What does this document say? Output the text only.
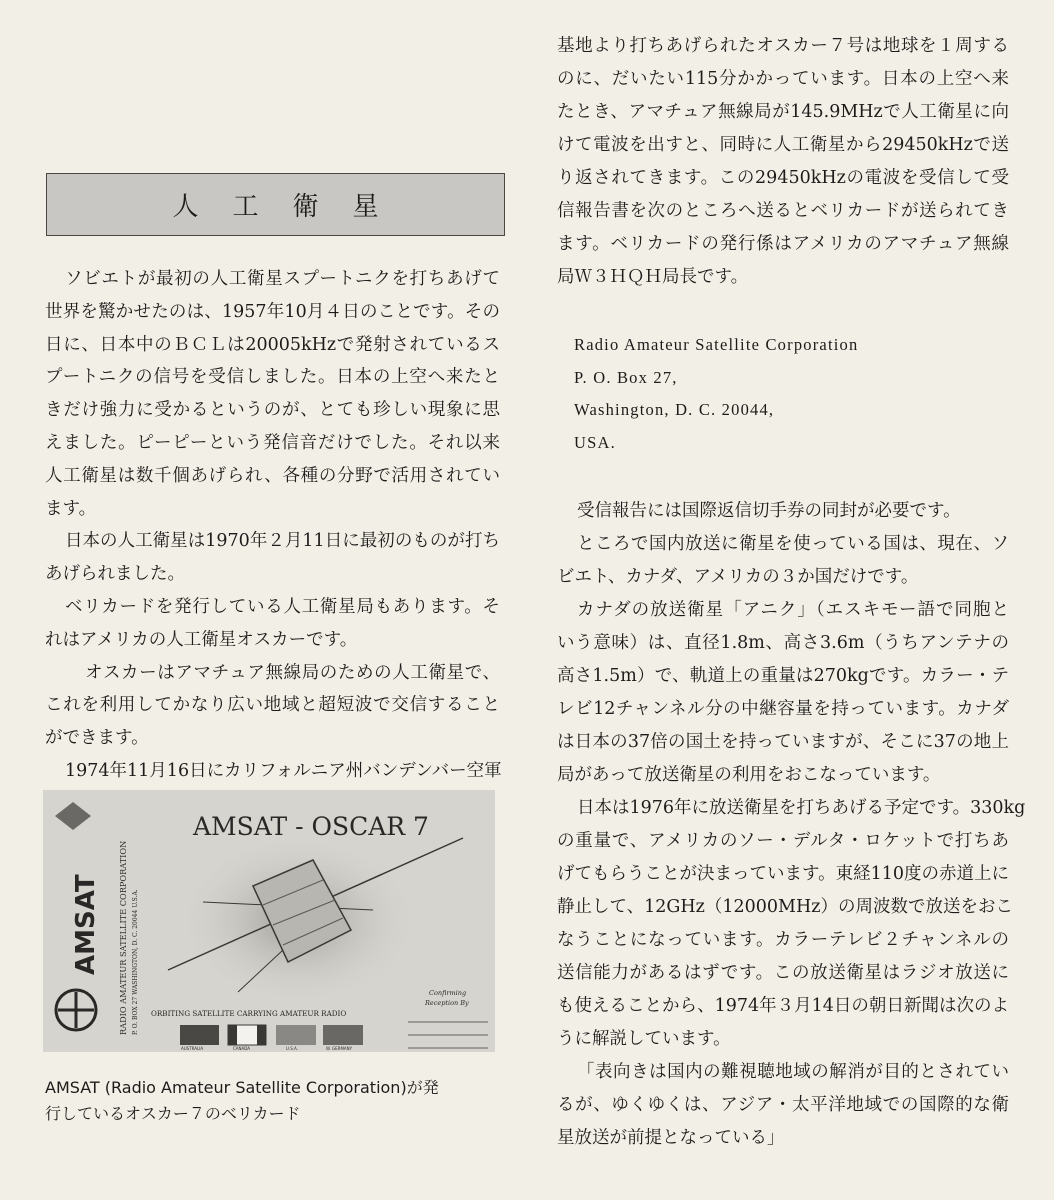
人工衛星
ソビエトが最初の人工衛星スプートニクを打ちあげて
世界を驚かせたのは、1957年10月４日のことです。その
日に、日本中のＢＣＬは20005kHzで発射されているス
プートニクの信号を受信しました。日本の上空へ来たと
きだけ強力に受かるというのが、とても珍しい現象に思
えました。ピーピーという発信音だけでした。それ以来
人工衛星は数千個あげられ、各種の分野で活用されてい
ます。
日本の人工衛星は1970年２月11日に最初のものが打ち
あげられました。
ベリカードを発行している人工衛星局もあります。そ
れはアメリカの人工衛星オスカーです。
オスカーはアマチュア無線局のための人工衛星で、
これを利用してかなり広い地域と超短波で交信すること
ができます。
1974年11月16日にカリフォルニア州バンデンバー空軍
基地より打ちあげられたオスカー７号は地球を１周する
のに、だいたい115分かかっています。日本の上空へ来
たとき、アマチュア無線局が145.9MHzで人工衛星に向
けて電波を出すと、同時に人工衛星から29450kHzで送
り返されてきます。この29450kHzの電波を受信して受
信報告書を次のところへ送るとベリカードが送られてき
ます。ベリカードの発行係はアメリカのアマチュア無線
局Ｗ３ＨＱＨ局長です。
Radio Amateur Satellite Corporation
P. O. Box 27,
Washington, D. C. 20044,
USA.
受信報告には国際返信切手券の同封が必要です。
ところで国内放送に衛星を使っている国は、現在、ソ
ビエト、カナダ、アメリカの３か国だけです。
カナダの放送衛星「アニク」（エスキモー語で同胞と
いう意味）は、直径1.8m、高さ3.6m（うちアンテナの
高さ1.5m）で、軌道上の重量は270kgです。カラー・テ
レビ12チャンネル分の中継容量を持っています。カナダ
は日本の37倍の国土を持っていますが、そこに37の地上
局があって放送衛星の利用をおこなっています。
日本は1976年に放送衛星を打ちあげる予定です。330kg
の重量で、アメリカのソー・デルタ・ロケットで打ちあ
げてもらうことが決まっています。東経110度の赤道上に
静止して、12GHz（12000MHz）の周波数で放送をおこ
なうことになっています。カラーテレビ２チャンネルの
送信能力があるはずです。この放送衛星はラジオ放送に
も使えることから、1974年３月14日の朝日新聞は次のよ
うに解説しています。
「表向きは国内の難視聴地域の解消が目的とされてい
るが、ゆくゆくは、アジア・太平洋地域での国際的な衛
星放送が前提となっている」
AMSAT - OSCAR 7
AMSAT RADIO AMATEUR SATELLITE CORPORATION P. O. BOX 27 WASHINGTON, D. C. 20044 U.S.A. ORBITING SATELLITE CARRYING AMATEUR RADIO
AUSTRALIA	CANADA	U.S.A.	W. GERMANY
Confirming
Reception By
AMSAT (Radio Amateur Satellite Corporation)が発
行しているオスカー７のベリカード
